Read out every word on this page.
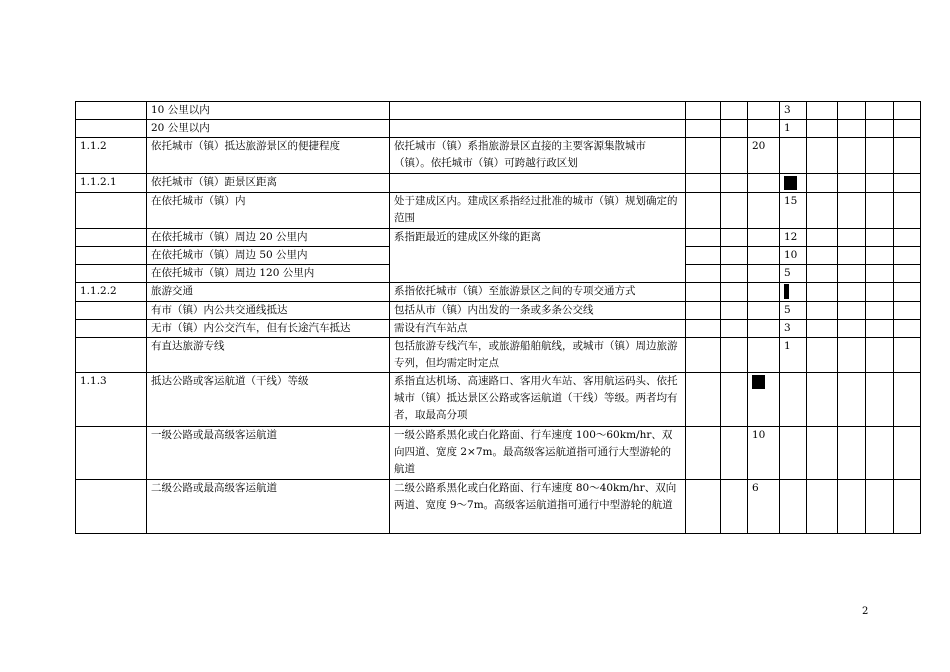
	10 公里以内					3				
	20 公里以内					1				
1.1.2	依托城市（镇）抵达旅游景区的便捷程度	依托城市（镇）系指旅游景区直接的主要客源集散城市（镇）。依托城市（镇）可跨越行政区划			20					
1.1.2.1	依托城市（镇）距景区距离									
	在依托城市（镇）内	处于建成区内。建成区系指经过批准的城市（镇）规划确定的范围				15				
	在依托城市（镇）周边 20 公里内	系指距最近的建成区外缘的距离				12				
	在依托城市（镇）周边 50 公里内					10				
	在依托城市（镇）周边 120 公里内					5				
1.1.2.2	旅游交通	系指依托城市（镇）至旅游景区之间的专项交通方式								
	有市（镇）内公共交通线抵达	包括从市（镇）内出发的一条或多条公交线				5				
	无市（镇）内公交汽车，但有长途汽车抵达	需设有汽车站点				3				
	有直达旅游专线	包括旅游专线汽车，或旅游船舶航线，或城市（镇）周边旅游专列，但均需定时定点				1				
1.1.3	抵达公路或客运航道（干线）等级	系指直达机场、高速路口、客用火车站、客用航运码头、依托城市（镇）抵达景区公路或客运航道（干线）等级。两者均有者，取最高分项								
	一级公路或最高级客运航道	一级公路系黑化或白化路面、行车速度 100～60km/hr、双向四道、宽度 2×7m。最高级客运航道指可通行大型游轮的航道			10					
	二级公路或最高级客运航道	二级公路系黑化或白化路面、行车速度 80～40km/hr、双向两道、宽度 9～7m。高级客运航道指可通行中型游轮的航道			6					
2
